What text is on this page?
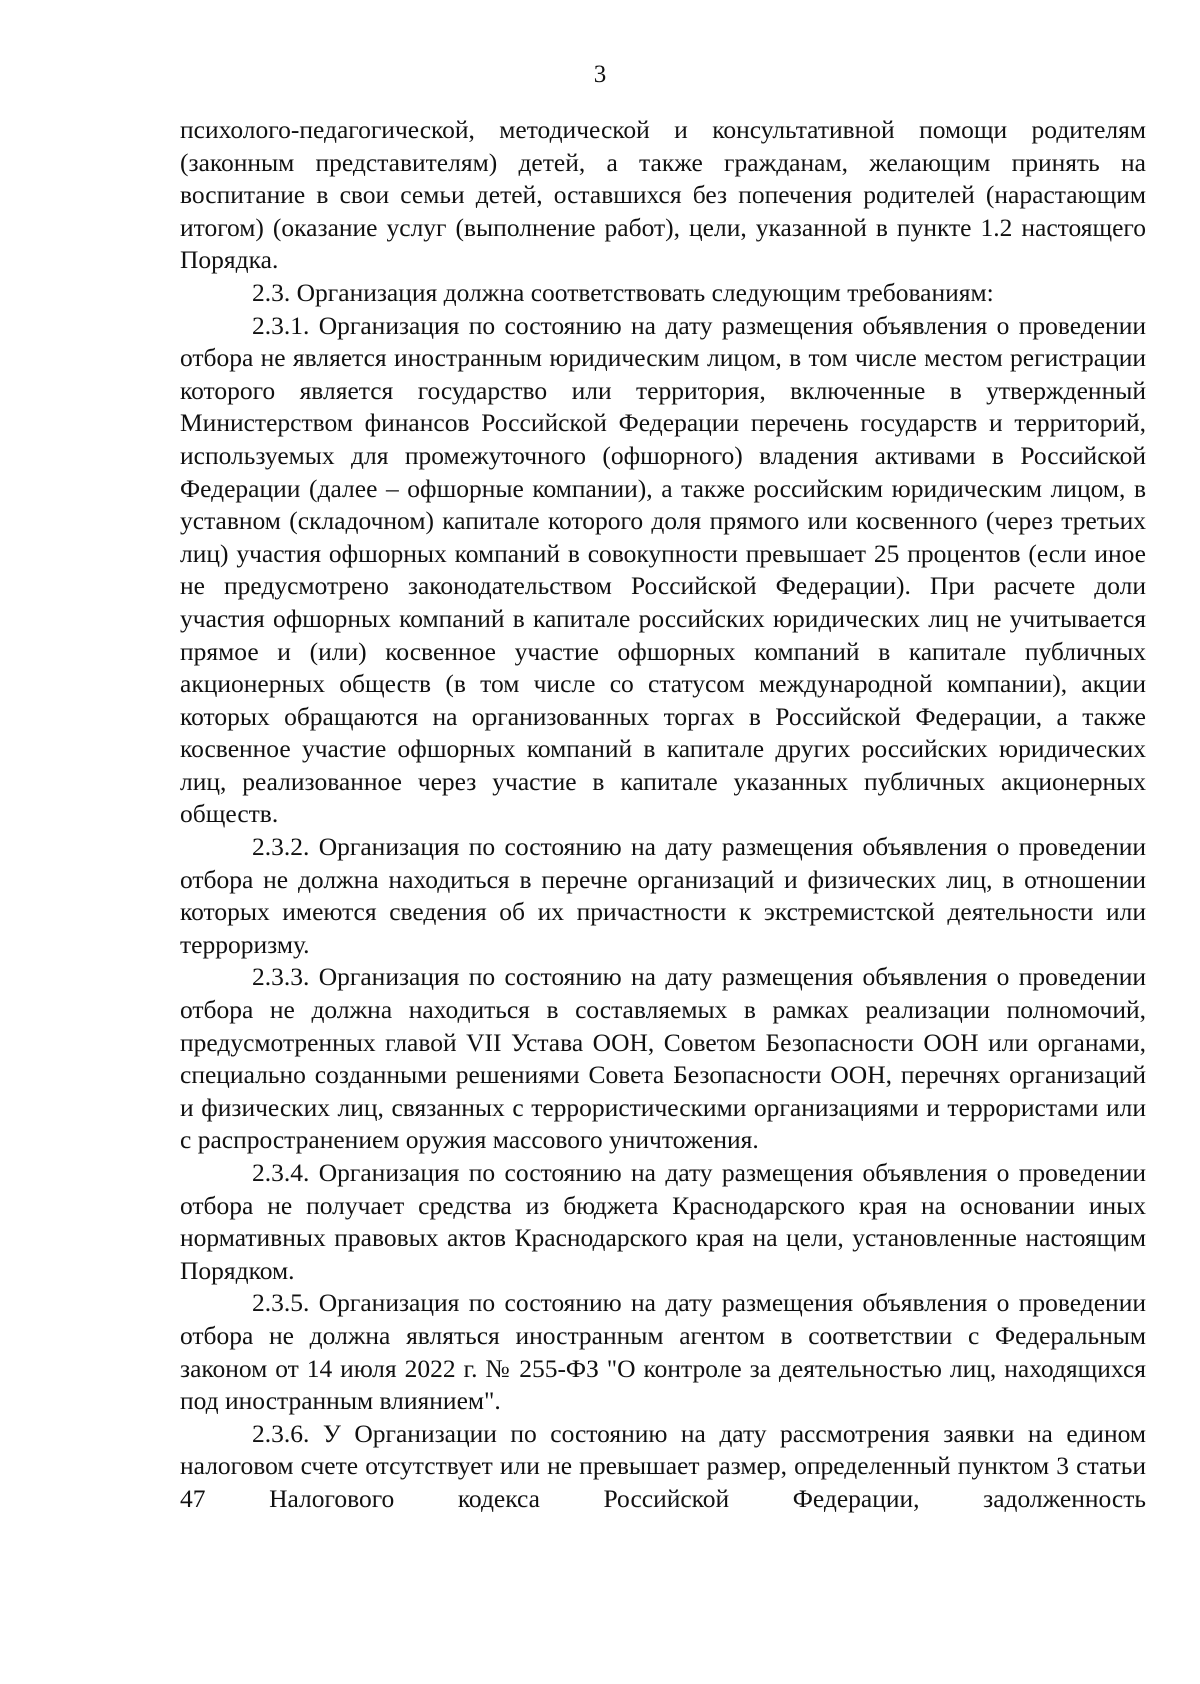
3

психолого-педагогической, методической и консультативной помощи родителям (законным представителям) детей, а также гражданам, желающим принять на воспитание в свои семьи детей, оставшихся без попечения родителей (нарастающим итогом) (оказание услуг (выполнение работ), цели, указанной в пункте 1.2 настоящего Порядка.

2.3. Организация должна соответствовать следующим требованиям:

2.3.1. Организация по состоянию на дату размещения объявления о проведении отбора не является иностранным юридическим лицом, в том числе местом регистрации которого является государство или территория, включенные в утвержденный Министерством финансов Российской Федерации перечень государств и территорий, используемых для промежуточного (офшорного) владения активами в Российской Федерации (далее – офшорные компании), а также российским юридическим лицом, в уставном (складочном) капитале которого доля прямого или косвенного (через третьих лиц) участия офшорных компаний в совокупности превышает 25 процентов (если иное не предусмотрено законодательством Российской Федерации). При расчете доли участия офшорных компаний в капитале российских юридических лиц не учитывается прямое и (или) косвенное участие офшорных компаний в капитале публичных акционерных обществ (в том числе со статусом международной компании), акции которых обращаются на организованных торгах в Российской Федерации, а также косвенное участие офшорных компаний в капитале других российских юридических лиц, реализованное через участие в капитале указанных публичных акционерных обществ.

2.3.2. Организация по состоянию на дату размещения объявления о проведении отбора не должна находиться в перечне организаций и физических лиц, в отношении которых имеются сведения об их причастности к экстремистской деятельности или терроризму.

2.3.3. Организация по состоянию на дату размещения объявления о проведении отбора не должна находиться в составляемых в рамках реализации полномочий, предусмотренных главой VII Устава ООН, Советом Безопасности ООН или органами, специально созданными решениями Совета Безопасности ООН, перечнях организаций и физических лиц, связанных с террористическими организациями и террористами или с распространением оружия массового уничтожения.

2.3.4. Организация по состоянию на дату размещения объявления о проведении отбора не получает средства из бюджета Краснодарского края на основании иных нормативных правовых актов Краснодарского края на цели, установленные настоящим Порядком.

2.3.5. Организация по состоянию на дату размещения объявления о проведении отбора не должна являться иностранным агентом в соответствии с Федеральным законом от 14 июля 2022 г. № 255-ФЗ "О контроле за деятельностью лиц, находящихся под иностранным влиянием".

2.3.6. У Организации по состоянию на дату рассмотрения заявки на едином налоговом счете отсутствует или не превышает размер, определенный пунктом 3 статьи 47 Налогового кодекса Российской Федерации, задолженность
